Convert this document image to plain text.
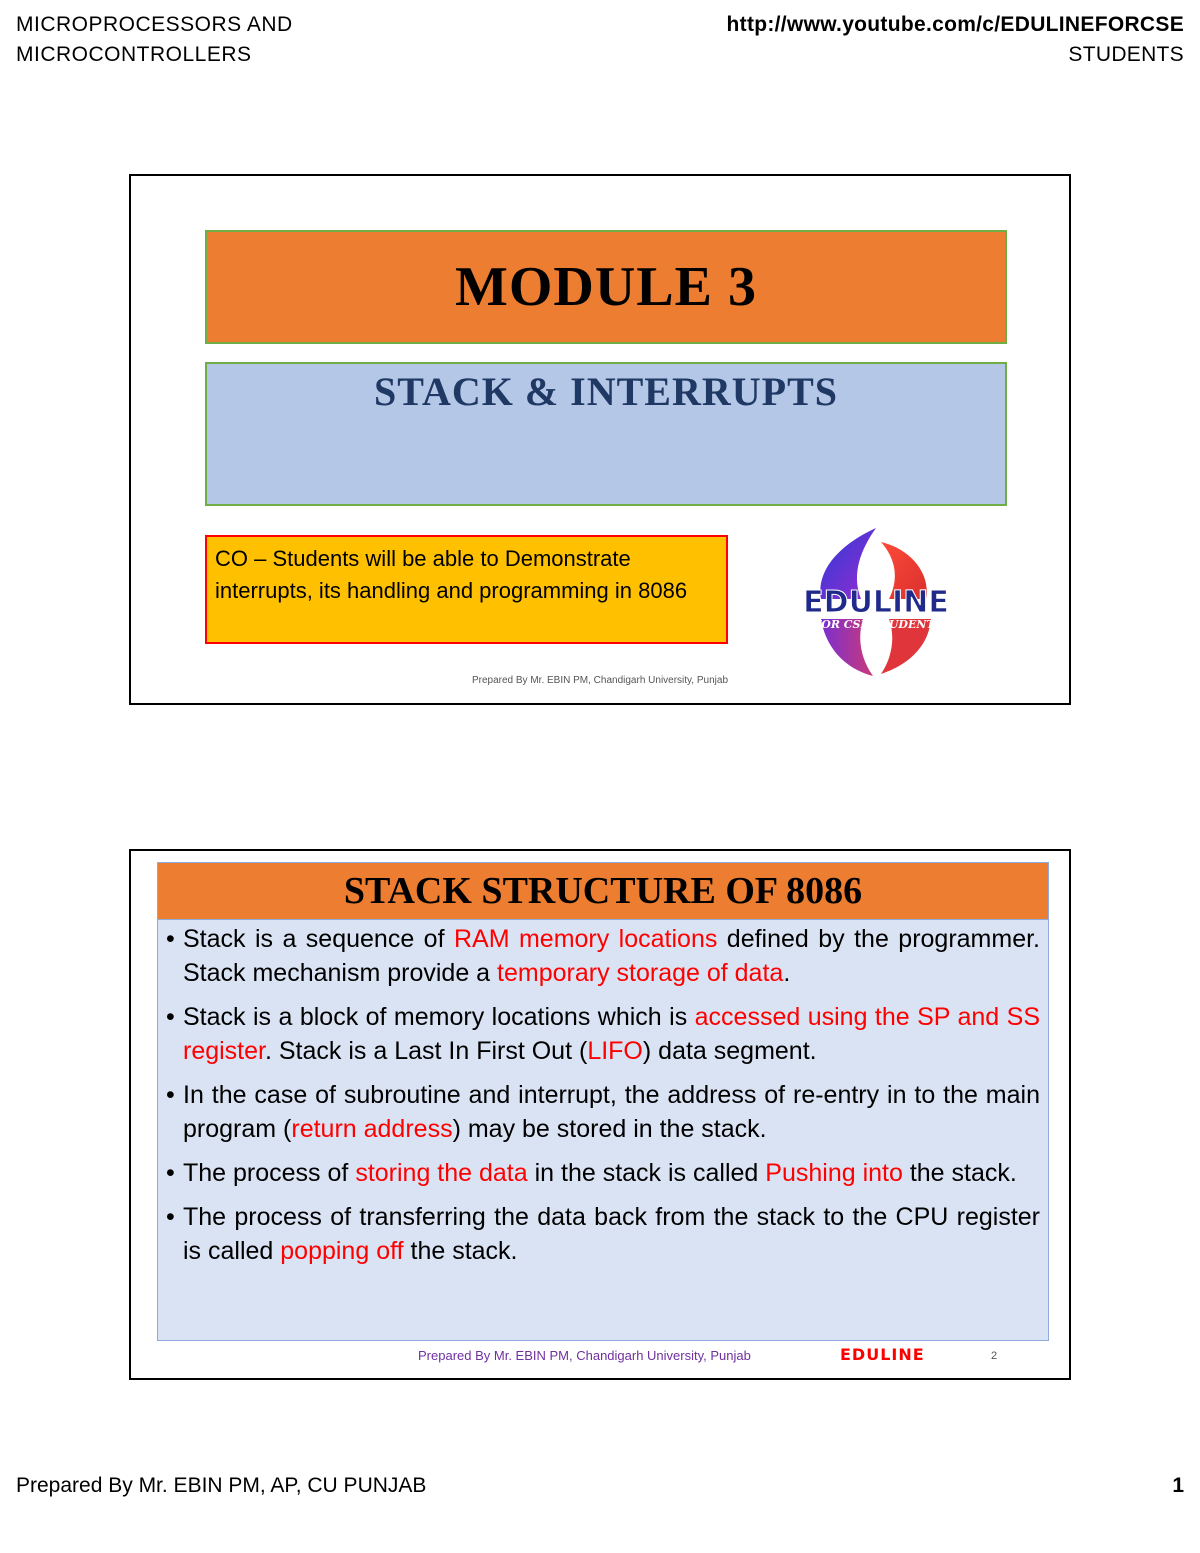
MICROPROCESSORS AND
MICROCONTROLLERS
http://www.youtube.com/c/EDULINEFORCSE
STUDENTS
MODULE 3
STACK & INTERRUPTS
CO – Students will be able to Demonstrate interrupts, its handling and programming in 8086	EDULINE
FOR CSE STUDENTS
Prepared By Mr. EBIN PM, Chandigarh University, Punjab
STACK STRUCTURE OF 8086
• Stack is a sequence of RAM memory locations defined by the programmer. Stack mechanism provide a temporary storage of data.
• Stack is a block of memory locations which is accessed using the SP and SS register. Stack is a Last In First Out (LIFO) data segment.
• In the case of subroutine and interrupt, the address of re-entry in to the main program (return address) may be stored in the stack.
• The process of storing the data in the stack is called Pushing into the stack.
• The process of transferring the data back from the stack to the CPU register is called popping off the stack.
Prepared By Mr. EBIN PM, Chandigarh University, Punjab	EDULINE	2
Prepared By Mr. EBIN PM, AP, CU PUNJAB	1
